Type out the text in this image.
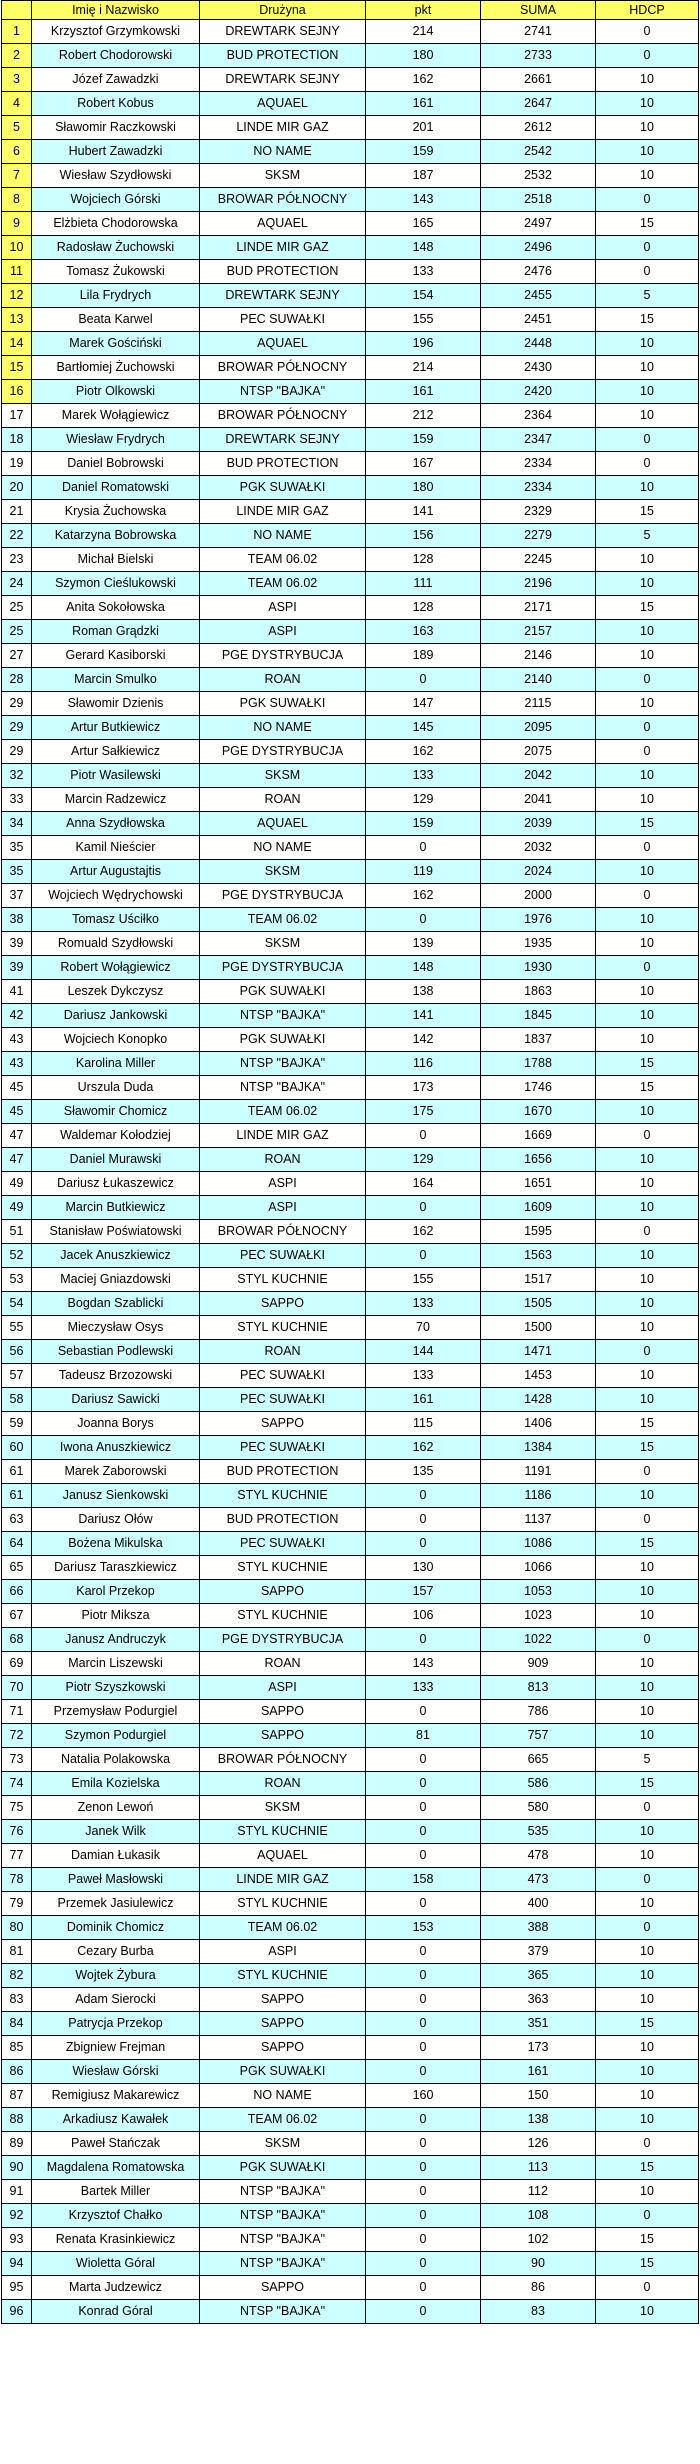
	Imię i Nazwisko	Drużyna	pkt	SUMA	HDCP
1	Krzysztof Grzymkowski	DREWTARK SEJNY	214	2741	0
2	Robert Chodorowski	BUD PROTECTION	180	2733	0
3	Józef Zawadzki	DREWTARK SEJNY	162	2661	10
4	Robert Kobus	AQUAEL	161	2647	10
5	Sławomir Raczkowski	LINDE MIR GAZ	201	2612	10
6	Hubert Zawadzki	NO NAME	159	2542	10
7	Wiesław Szydłowski	SKSM	187	2532	10
8	Wojciech Górski	BROWAR PÓŁNOCNY	143	2518	0
9	Elżbieta Chodorowska	AQUAEL	165	2497	15
10	Radosław Żuchowski	LINDE MIR GAZ	148	2496	0
11	Tomasz Żukowski	BUD PROTECTION	133	2476	0
12	Lila Frydrych	DREWTARK SEJNY	154	2455	5
13	Beata Karwel	PEC SUWAŁKI	155	2451	15
14	Marek Gościński	AQUAEL	196	2448	10
15	Bartłomiej Żuchowski	BROWAR PÓŁNOCNY	214	2430	10
16	Piotr Olkowski	NTSP "BAJKA"	161	2420	10
17	Marek Wołągiewicz	BROWAR PÓŁNOCNY	212	2364	10
18	Wiesław Frydrych	DREWTARK SEJNY	159	2347	0
19	Daniel Bobrowski	BUD PROTECTION	167	2334	0
20	Daniel Romatowski	PGK SUWAŁKI	180	2334	10
21	Krysia Żuchowska	LINDE MIR GAZ	141	2329	15
22	Katarzyna Bobrowska	NO NAME	156	2279	5
23	Michał Bielski	TEAM 06.02	128	2245	10
24	Szymon Cieślukowski	TEAM 06.02	111	2196	10
25	Anita Sokołowska	ASPI	128	2171	15
25	Roman Grądzki	ASPI	163	2157	10
27	Gerard Kasiborski	PGE DYSTRYBUCJA	189	2146	10
28	Marcin Smulko	ROAN	0	2140	0
29	Sławomir Dzienis	PGK SUWAŁKI	147	2115	10
29	Artur Butkiewicz	NO NAME	145	2095	0
29	Artur Sałkiewicz	PGE DYSTRYBUCJA	162	2075	0
32	Piotr Wasilewski	SKSM	133	2042	10
33	Marcin Radzewicz	ROAN	129	2041	10
34	Anna Szydłowska	AQUAEL	159	2039	15
35	Kamil Nieścier	NO NAME	0	2032	0
35	Artur Augustajtis	SKSM	119	2024	10
37	Wojciech Wędrychowski	PGE DYSTRYBUCJA	162	2000	0
38	Tomasz Uściłko	TEAM 06.02	0	1976	10
39	Romuald Szydłowski	SKSM	139	1935	10
39	Robert Wołągiewicz	PGE DYSTRYBUCJA	148	1930	0
41	Leszek Dykczysz	PGK SUWAŁKI	138	1863	10
42	Dariusz Jankowski	NTSP "BAJKA"	141	1845	10
43	Wojciech Konopko	PGK SUWAŁKI	142	1837	10
43	Karolina Miller	NTSP "BAJKA"	116	1788	15
45	Urszula Duda	NTSP "BAJKA"	173	1746	15
45	Sławomir Chomicz	TEAM 06.02	175	1670	10
47	Waldemar Kołodziej	LINDE MIR GAZ	0	1669	0
47	Daniel Murawski	ROAN	129	1656	10
49	Dariusz Łukaszewicz	ASPI	164	1651	10
49	Marcin Butkiewicz	ASPI	0	1609	10
51	Stanisław Poświatowski	BROWAR PÓŁNOCNY	162	1595	0
52	Jacek Anuszkiewicz	PEC SUWAŁKI	0	1563	10
53	Maciej Gniazdowski	STYL KUCHNIE	155	1517	10
54	Bogdan Szablicki	SAPPO	133	1505	10
55	Mieczysław Osys	STYL KUCHNIE	70	1500	10
56	Sebastian Podlewski	ROAN	144	1471	0
57	Tadeusz Brzozowski	PEC SUWAŁKI	133	1453	10
58	Dariusz Sawicki	PEC SUWAŁKI	161	1428	10
59	Joanna Borys	SAPPO	115	1406	15
60	Iwona Anuszkiewicz	PEC SUWAŁKI	162	1384	15
61	Marek Zaborowski	BUD PROTECTION	135	1191	0
61	Janusz Sienkowski	STYL KUCHNIE	0	1186	10
63	Dariusz Ołów	BUD PROTECTION	0	1137	0
64	Bożena Mikulska	PEC SUWAŁKI	0	1086	15
65	Dariusz Taraszkiewicz	STYL KUCHNIE	130	1066	10
66	Karol Przekop	SAPPO	157	1053	10
67	Piotr Miksza	STYL KUCHNIE	106	1023	10
68	Janusz Andruczyk	PGE DYSTRYBUCJA	0	1022	0
69	Marcin Liszewski	ROAN	143	909	10
70	Piotr Szyszkowski	ASPI	133	813	10
71	Przemysław Podurgiel	SAPPO	0	786	10
72	Szymon Podurgiel	SAPPO	81	757	10
73	Natalia Polakowska	BROWAR PÓŁNOCNY	0	665	5
74	Emila Kozielska	ROAN	0	586	15
75	Zenon Lewoń	SKSM	0	580	0
76	Janek Wilk	STYL KUCHNIE	0	535	10
77	Damian Łukasik	AQUAEL	0	478	10
78	Paweł Masłowski	LINDE MIR GAZ	158	473	0
79	Przemek Jasiulewicz	STYL KUCHNIE	0	400	10
80	Dominik Chomicz	TEAM 06.02	153	388	0
81	Cezary Burba	ASPI	0	379	10
82	Wojtek Żybura	STYL KUCHNIE	0	365	10
83	Adam Sierocki	SAPPO	0	363	10
84	Patrycja Przekop	SAPPO	0	351	15
85	Zbigniew Frejman	SAPPO	0	173	10
86	Wiesław Górski	PGK SUWAŁKI	0	161	10
87	Remigiusz Makarewicz	NO NAME	160	150	10
88	Arkadiusz Kawałek	TEAM 06.02	0	138	10
89	Paweł Stańczak	SKSM	0	126	0
90	Magdalena Romatowska	PGK SUWAŁKI	0	113	15
91	Bartek Miller	NTSP "BAJKA"	0	112	10
92	Krzysztof Chałko	NTSP "BAJKA"	0	108	0
93	Renata Krasinkiewicz	NTSP "BAJKA"	0	102	15
94	Wioletta Góral	NTSP "BAJKA"	0	90	15
95	Marta Judzewicz	SAPPO	0	86	0
96	Konrad Góral	NTSP "BAJKA"	0	83	10
